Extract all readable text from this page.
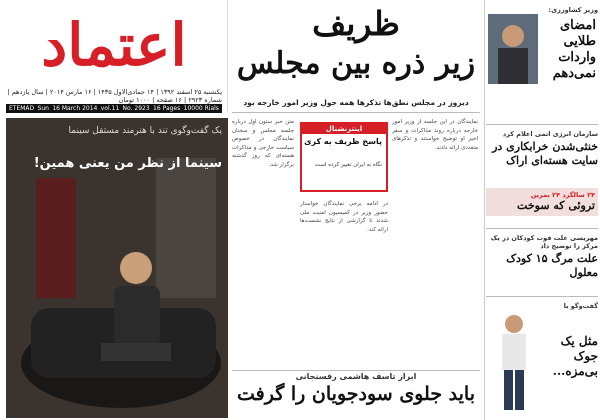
اعتماد
یکشنبه ۲۵ اسفند ۱۳۹۲ | ۱۴ جمادی‌الاول ۱۴۳۵ | ۱۶ مارس ۲۰۱۴ | سال یازدهم | شماره ۲۹۲۳ | ۱۶ صفحه | ۱۰۰۰ تومان
ETEMAD Sun 16 March 2014 vol.11 No. 2923 16 Pages 10000 Rials
ظریف
زیر ذره بین مجلس
دیروز در مجلس نطق‌ها تذکرها همه حول وزیر امور خارجه بود
یک گفت‌وگوی تند با هنرمند مستقل سینما
سینما از نظر من یعنی همین!
متن خبر ستون اول درباره جلسه مجلس و سخنان نمایندگان در خصوص سیاست خارجی و مذاکرات هسته‌ای که روز گذشته برگزار شد.
نمایندگان در این جلسه از وزیر امور خارجه درباره روند مذاکرات و سفر اخیر او توضیح خواستند و تذکرهای متعددی ارائه دادند.
در ادامه برخی نمایندگان خواستار حضور وزیر در کمیسیون امنیت ملی شدند تا گزارشی از نتایج نشست‌ها ارائه کند.
اینترنشنال
پاسخ ظریف به کری
نگاه به ایران تغییر کرده است
ابراز تاسف هاشمی رفسنجانی
باید جلوی سودجویان را گرفت
وزیر کشاورزی:
امضای طلایی واردات نمی‌دهم
سازمان انرژی اتمی اعلام کرد
خنثی‌شدن خرابکاری در سایت هسته‌ای اراک
۲۴ سالگرد ۲۴ بمرین
تروئی که سوخت
مهریسی علت فوت کودکان در یک مرکز را توضیح داد
علت مرگ ۱۵ کودک معلول
گفت‌وگو با
مثل یک جوک بی‌مزه...
